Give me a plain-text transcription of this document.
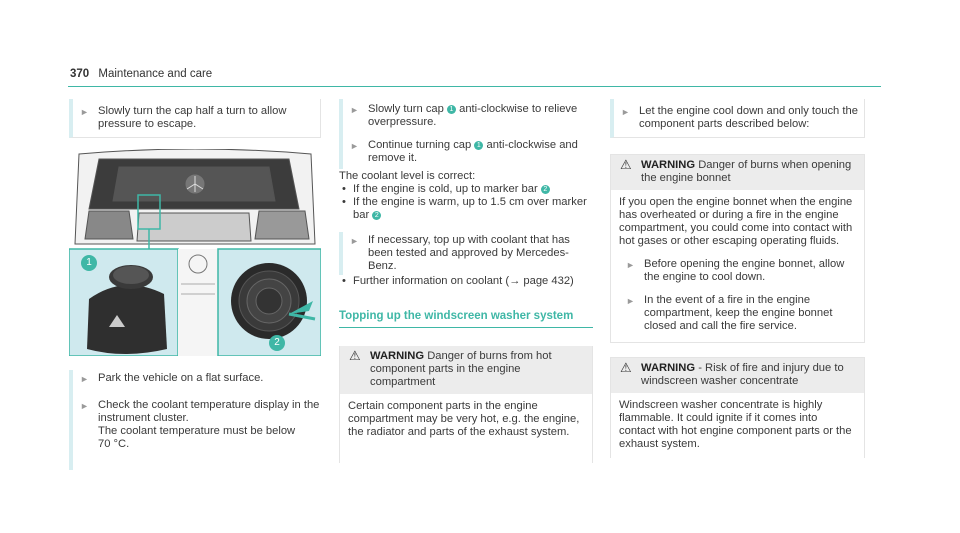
370 Maintenance and care
► Slowly turn the cap half a turn to allow pressure to escape.
1
2
► Park the vehicle on a flat surface.
► Check the coolant temperature display in the instrument cluster.
The coolant temperature must be below
70 °C.
► Slowly turn cap 1 anti-clockwise to relieve overpressure.
► Continue turning cap 1 anti-clockwise and remove it.
The coolant level is correct:
• If the engine is cold, up to marker bar 2
• If the engine is warm, up to 1.5 cm over marker bar 2
► If necessary, top up with coolant that has been tested and approved by Mercedes-Benz.
• Further information on coolant (→ page 432)
Topping up the windscreen washer system
⚠ WARNING Danger of burns from hot component parts in the engine compartment
Certain component parts in the engine compartment may be very hot, e.g. the engine, the radiator and parts of the exhaust system.
► Let the engine cool down and only touch the component parts described below:
⚠ WARNING Danger of burns when opening the engine bonnet
If you open the engine bonnet when the engine has overheated or during a fire in the engine compartment, you could come into contact with hot gases or other escaping operating fluids.
► Before opening the engine bonnet, allow the engine to cool down.
► In the event of a fire in the engine compartment, keep the engine bonnet closed and call the fire service.
⚠ WARNING - Risk of fire and injury due to windscreen washer concentrate
Windscreen washer concentrate is highly flammable. It could ignite if it comes into contact with hot engine component parts or the exhaust system.
